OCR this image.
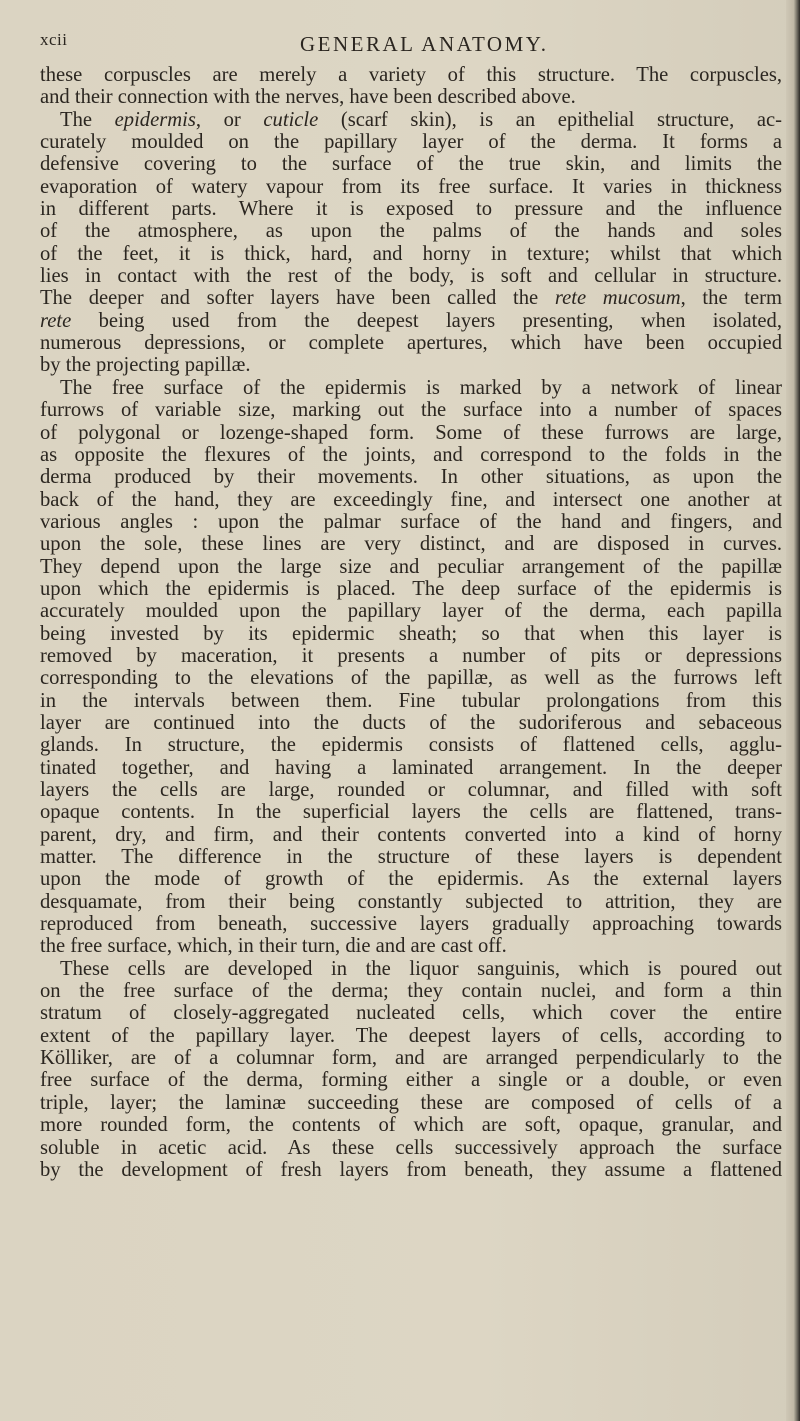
xcii	GENERAL ANATOMY.
these corpuscles are merely a variety of this structure. The corpuscles,
and their connection with the nerves, have been described above.
The epidermis, or cuticle (scarf skin), is an epithelial structure, ac-
curately moulded on the papillary layer of the derma. It forms a
defensive covering to the surface of the true skin, and limits the
evaporation of watery vapour from its free surface. It varies in thickness
in different parts. Where it is exposed to pressure and the influence
of the atmosphere, as upon the palms of the hands and soles
of the feet, it is thick, hard, and horny in texture; whilst that which
lies in contact with the rest of the body, is soft and cellular in structure.
The deeper and softer layers have been called the rete mucosum, the term
rete being used from the deepest layers presenting, when isolated,
numerous depressions, or complete apertures, which have been occupied
by the projecting papillæ.
The free surface of the epidermis is marked by a network of linear
furrows of variable size, marking out the surface into a number of spaces
of polygonal or lozenge-shaped form. Some of these furrows are large,
as opposite the flexures of the joints, and correspond to the folds in the
derma produced by their movements. In other situations, as upon the
back of the hand, they are exceedingly fine, and intersect one another at
various angles : upon the palmar surface of the hand and fingers, and
upon the sole, these lines are very distinct, and are disposed in curves.
They depend upon the large size and peculiar arrangement of the papillæ
upon which the epidermis is placed. The deep surface of the epidermis is
accurately moulded upon the papillary layer of the derma, each papilla
being invested by its epidermic sheath; so that when this layer is
removed by maceration, it presents a number of pits or depressions
corresponding to the elevations of the papillæ, as well as the furrows left
in the intervals between them. Fine tubular prolongations from this
layer are continued into the ducts of the sudoriferous and sebaceous
glands. In structure, the epidermis consists of flattened cells, agglu-
tinated together, and having a laminated arrangement. In the deeper
layers the cells are large, rounded or columnar, and filled with soft
opaque contents. In the superficial layers the cells are flattened, trans-
parent, dry, and firm, and their contents converted into a kind of horny
matter. The difference in the structure of these layers is dependent
upon the mode of growth of the epidermis. As the external layers
desquamate, from their being constantly subjected to attrition, they are
reproduced from beneath, successive layers gradually approaching towards
the free surface, which, in their turn, die and are cast off.
These cells are developed in the liquor sanguinis, which is poured out
on the free surface of the derma; they contain nuclei, and form a thin
stratum of closely-aggregated nucleated cells, which cover the entire
extent of the papillary layer. The deepest layers of cells, according to
Kölliker, are of a columnar form, and are arranged perpendicularly to the
free surface of the derma, forming either a single or a double, or even
triple, layer; the laminæ succeeding these are composed of cells of a
more rounded form, the contents of which are soft, opaque, granular, and
soluble in acetic acid. As these cells successively approach the surface
by the development of fresh layers from beneath, they assume a flattened
